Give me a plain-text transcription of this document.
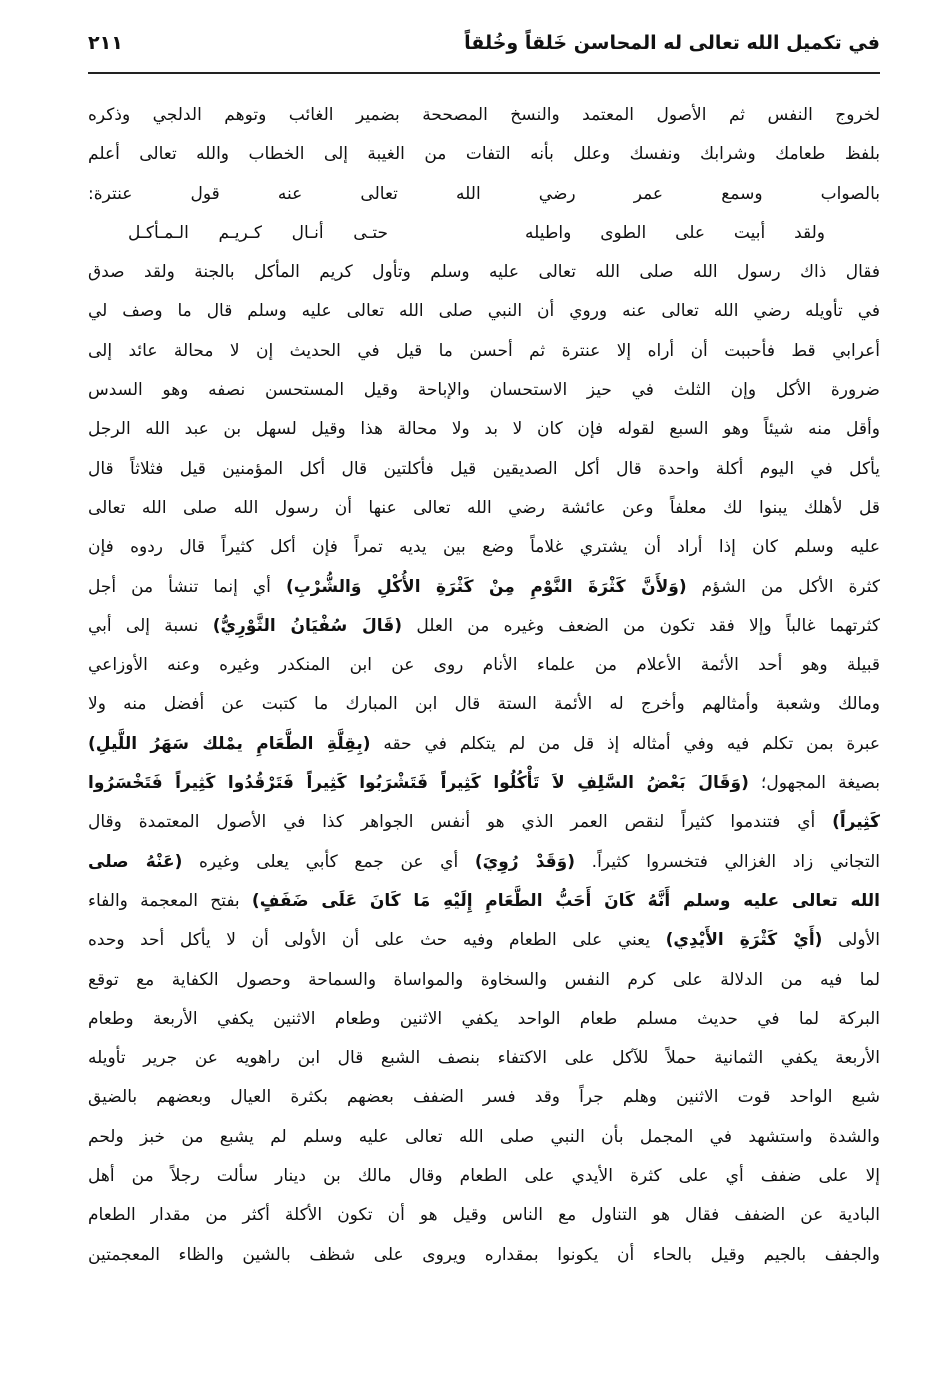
في تكميل الله تعالى له المحاسن خَلقاً وخُلقاً
٢١١
لخروج النفس ثم الأصول المعتمد والنسخ المصححة بضمير الغائب وتوهم الدلجي وذكره
بلفظ طعامك وشرابك ونفسك وعلل بأنه التفات من الغيبة إلى الخطاب والله تعالى أعلم
بالصواب وسمع عمر رضي الله تعالى عنه قول عنترة:
ولقد أبيت على الطوى واطيله
حتـى أنـال كـريـم الـمـأكـل
فقال ذاك رسول الله صلى الله تعالى عليه وسلم وتأول كريم المأكل بالجنة ولقد صدق
في تأويله رضي الله تعالى عنه وروي أن النبي صلى الله تعالى عليه وسلم قال ما وصف لي
أعرابي قط فأحببت أن أراه إلا عنترة ثم أحسن ما قيل في الحديث إن لا محالة عائد إلى
ضرورة الأكل وإن الثلث في حيز الاستحسان والإباحة وقيل المستحسن نصفه وهو السدس
وأقل منه شيئاً وهو السبع لقوله فإن كان لا بد ولا محالة هذا وقيل لسهل بن عبد الله الرجل
يأكل في اليوم أكلة واحدة قال أكل الصديقين قيل فأكلتين قال أكل المؤمنين قيل فثلاثاً قال
قل لأهلك يبنوا لك معلفاً وعن عائشة رضي الله تعالى عنها أن رسول الله صلى الله تعالى
عليه وسلم كان إذا أراد أن يشتري غلاماً وضع بين يديه تمراً فإن أكل كثيراً قال ردوه فإن
كثرة الأكل من الشؤم (وَلأَنَّ كَثْرَةَ النَّوْمِ مِنْ كَثْرَةِ الأُكْلِ وَالشُّرْبِ) أي إنما تنشأ من أجل
كثرتهما غالباً وإلا فقد تكون من الضعف وغيره من العلل (قَالَ سُفْيَانُ الثَّوْرِيُّ) نسبة إلى أبي
قبيلة وهو أحد الأئمة الأعلام من علماء الأنام روى عن ابن المنكدر وغيره وعنه الأوزاعي
ومالك وشعبة وأمثالهم وأخرج له الأئمة الستة قال ابن المبارك ما كتبت عن أفضل منه ولا
عبرة بمن تكلم فيه وفي أمثاله إذ قل من لم يتكلم في حقه (بِقِلَّةِ الطَّعَامِ يمْلك سَهَرُ اللَّيلِ)
بصيغة المجهول؛ (وَقَالَ بَعْضُ السَّلِفِ لاَ تَأْكُلُوا كَثِيراً فَتَشْرَبُوا كَثِيراً فَتَرْقُدُوا كَثِيراً فَتَخْسَرُوا
كَثِيراً) أي فتندموا كثيراً لنقص العمر الذي هو أنفس الجواهر كذا في الأصول المعتمدة وقال
التجاني زاد الغزالي فتخسروا كثيراً. (وَقَدْ رُوِيَ) أي عن جمع كأبي يعلى وغيره (عَنْهُ صلى
الله تعالى عليه وسلم أَنَّهُ كَانَ أَحَبُّ الطَّعَامِ إِلَيْهِ مَا كَانَ عَلَى ضَفَفٍ) بفتح المعجمة والفاء
الأولى (أَيْ كَثْرَةِ الأَيْدِي) يعني على الطعام وفيه حث على أن الأولى أن لا يأكل أحد وحده
لما فيه من الدلالة على كرم النفس والسخاوة والمواساة والسماحة وحصول الكفاية مع توقع
البركة لما في حديث مسلم طعام الواحد يكفي الاثنين وطعام الاثنين يكفي الأربعة وطعام
الأربعة يكفي الثمانية حملاً للآكل على الاكتفاء بنصف الشبع قال ابن راهويه عن جرير تأويله
شبع الواحد قوت الاثنين وهلم جراً وقد فسر الضفف بعضهم بكثرة العيال وبعضهم بالضيق
والشدة واستشهد في المجمل بأن النبي صلى الله تعالى عليه وسلم لم يشبع من خبز ولحم
إلا على ضفف أي على كثرة الأيدي على الطعام وقال مالك بن دينار سألت رجلاً من أهل
البادية عن الضفف فقال هو التناول مع الناس وقيل هو أن تكون الأكلة أكثر من مقدار الطعام
والجفف بالجيم وقيل بالحاء أن يكونوا بمقداره ويروى على شظف بالشين والظاء المعجمتين
